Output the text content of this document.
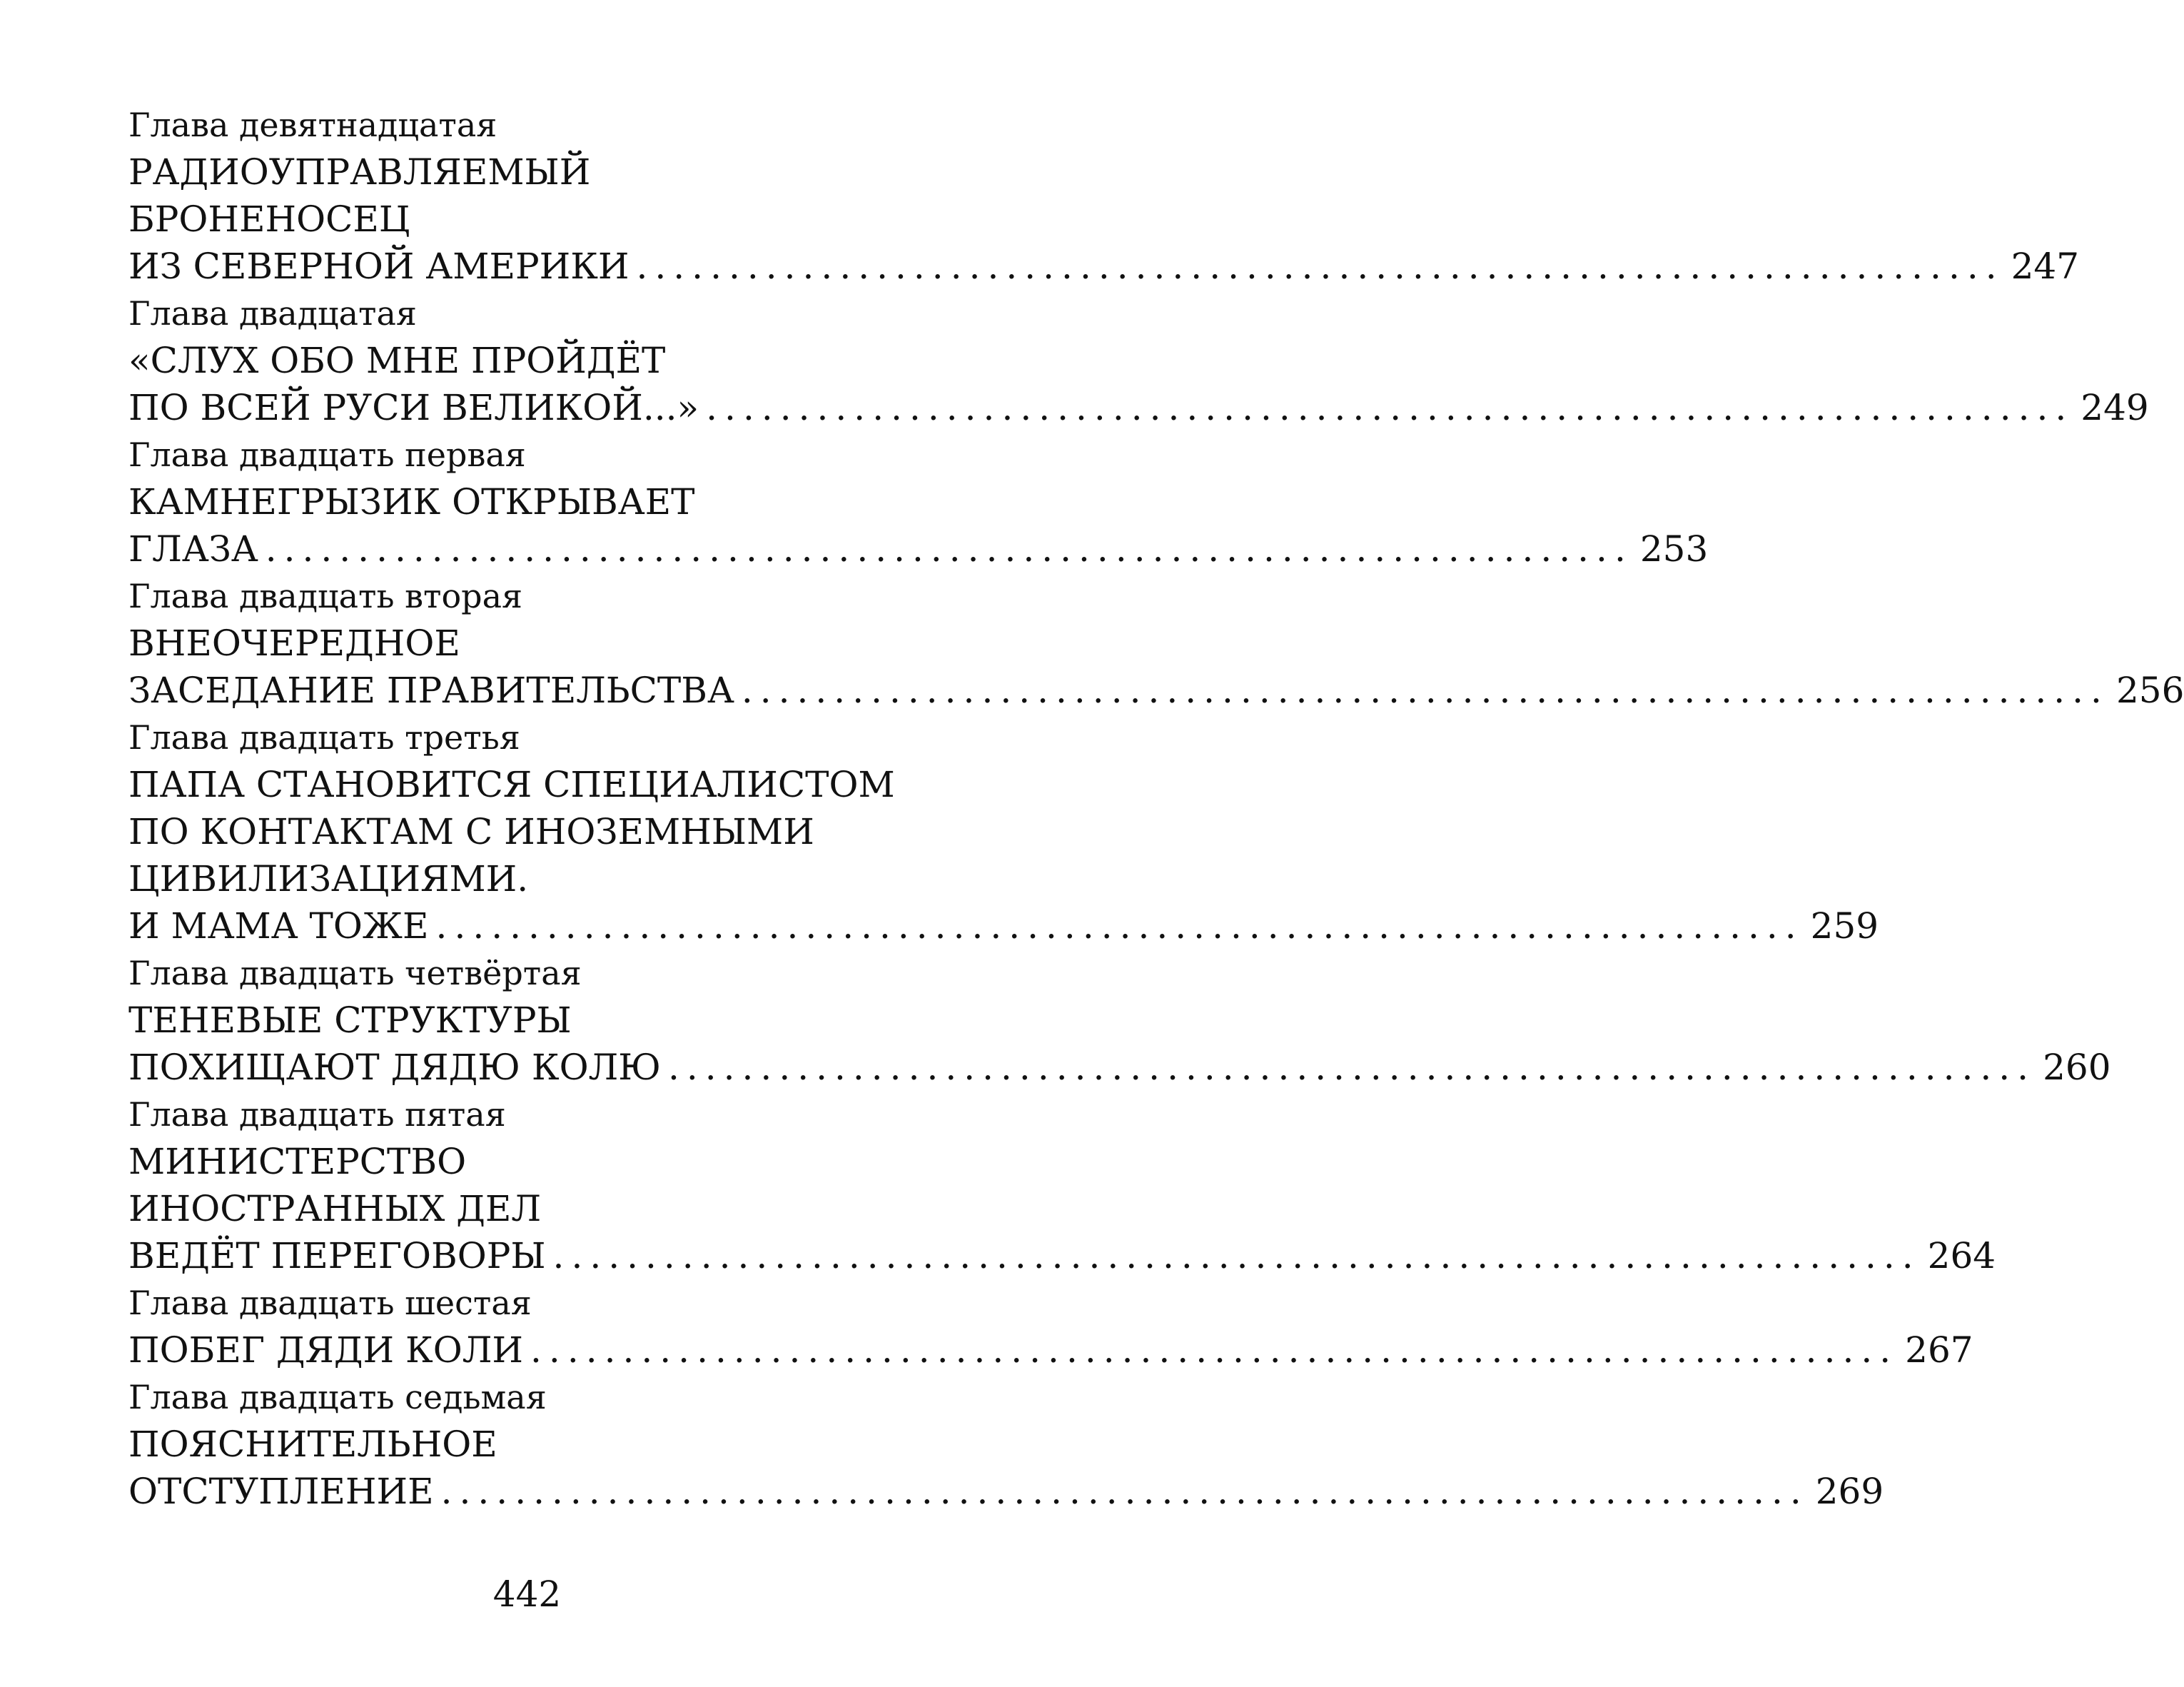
Глава девятнадцатая
РАДИОУПРАВЛЯЕМЫЙ
БРОНЕНОСЕЦ
ИЗ СЕВЕРНОЙ АМЕРИКИ .......................................................................... 247
Глава двадцатая
«СЛУХ ОБО МНЕ ПРОЙДЁТ
ПО ВСЕЙ РУСИ ВЕЛИКОЙ...» .......................................................................... 249
Глава двадцать первая
КАМНЕГРЫЗИК ОТКРЫВАЕТ
ГЛАЗА .......................................................................... 253
Глава двадцать вторая
ВНЕОЧЕРЕДНОЕ
ЗАСЕДАНИЕ ПРАВИТЕЛЬСТВА .......................................................................... 256
Глава двадцать третья
ПАПА СТАНОВИТСЯ СПЕЦИАЛИСТОМ
ПО КОНТАКТАМ С ИНОЗЕМНЫМИ
ЦИВИЛИЗАЦИЯМИ.
И МАМА ТОЖЕ .......................................................................... 259
Глава двадцать четвёртая
ТЕНЕВЫЕ СТРУКТУРЫ
ПОХИЩАЮТ ДЯДЮ КОЛЮ .......................................................................... 260
Глава двадцать пятая
МИНИСТЕРСТВО
ИНОСТРАННЫХ ДЕЛ
ВЕДЁТ ПЕРЕГОВОРЫ .......................................................................... 264
Глава двадцать шестая
ПОБЕГ ДЯДИ КОЛИ .......................................................................... 267
Глава двадцать седьмая
ПОЯСНИТЕЛЬНОЕ
ОТСТУПЛЕНИЕ .......................................................................... 269
442
